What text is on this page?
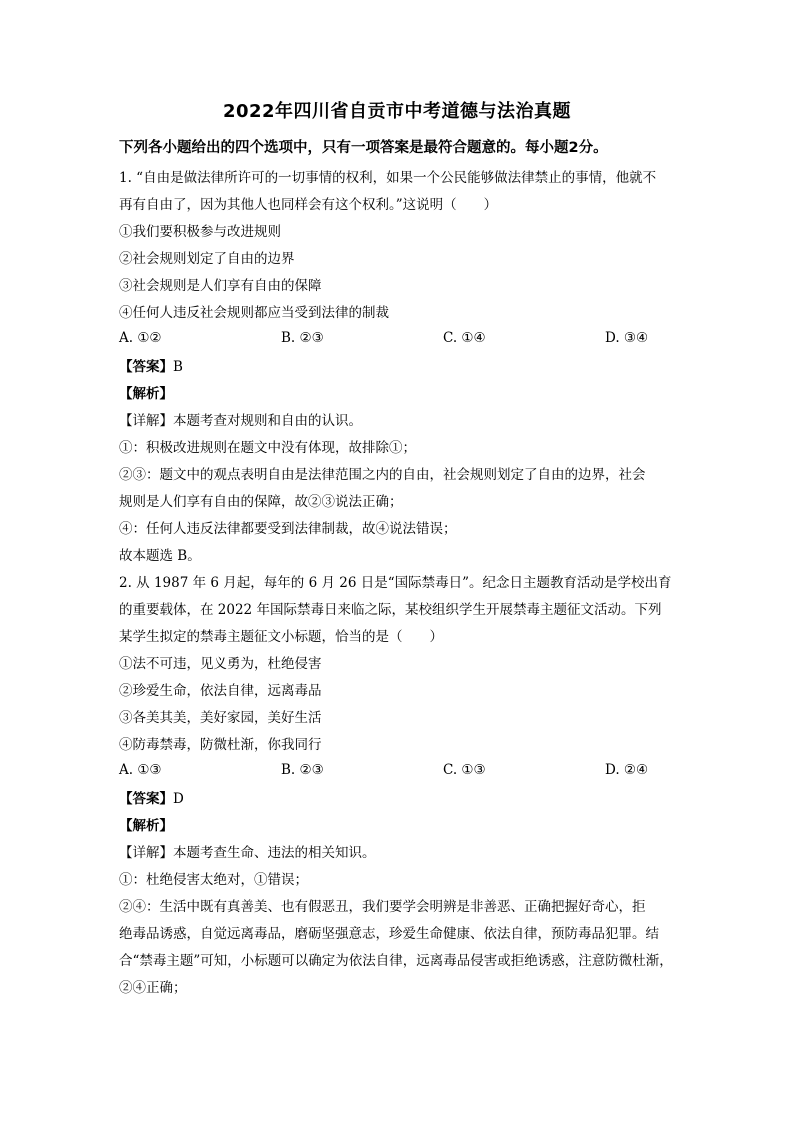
2022年四川省自贡市中考道德与法治真题
下列各小题给出的四个选项中，只有一项答案是最符合题意的。每小题2分。
1. “自由是做法律所许可的一切事情的权利，如果一个公民能够做法律禁止的事情，他就不
再有自由了，因为其他人也同样会有这个权利。”这说明（　　）
①我们要积极参与改进规则
②社会规则划定了自由的边界
③社会规则是人们享有自由的保障
④任何人违反社会规则都应当受到法律的制裁
A. ①②	B. ②③	C. ①④	D. ③④
【答案】B
【解析】
【详解】本题考查对规则和自由的认识。
①：积极改进规则在题文中没有体现，故排除①；
②③：题文中的观点表明自由是法律范围之内的自由，社会规则划定了自由的边界，社会
规则是人们享有自由的保障，故②③说法正确；
④：任何人违反法律都要受到法律制裁，故④说法错误；
故本题选 B。
2. 从 1987 年 6 月起，每年的 6 月 26 日是“国际禁毒日”。纪念日主题教育活动是学校出育
的重要载体，在 2022 年国际禁毒日来临之际，某校组织学生开展禁毒主题征文活动。下列
某学生拟定的禁毒主题征文小标题，恰当的是（　　）
①法不可违，见义勇为，杜绝侵害
②珍爱生命，依法自律，远离毒品
③各美其美，美好家园，美好生活
④防毒禁毒，防微杜渐，你我同行
A. ①③	B. ②③	C. ①③	D. ②④
【答案】D
【解析】
【详解】本题考查生命、违法的相关知识。
①：杜绝侵害太绝对，①错误；
②④：生活中既有真善美、也有假恶丑，我们要学会明辨是非善恶、正确把握好奇心，拒
绝毒品诱惑，自觉远离毒品，磨砺坚强意志，珍爱生命健康、依法自律，预防毒品犯罪。结
合“禁毒主题”可知，小标题可以确定为依法自律，远离毒品侵害或拒绝诱惑，注意防微杜渐，
②④正确；
